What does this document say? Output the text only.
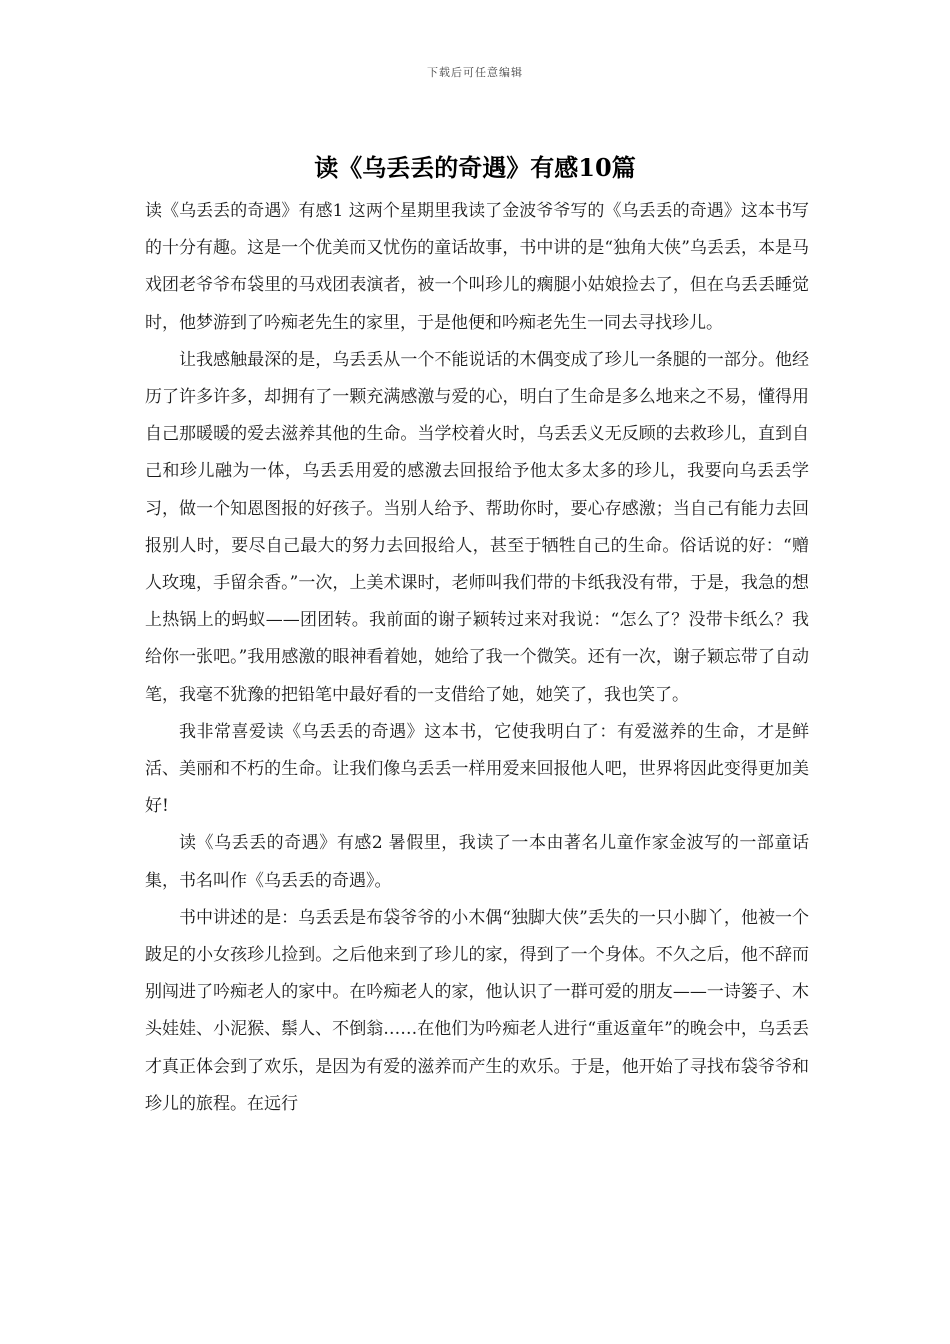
下载后可任意编辑
读《乌丢丢的奇遇》有感10篇

读《乌丢丢的奇遇》有感1 这两个星期里我读了金波爷爷写的《乌丢丢的奇遇》这本书写的十分有趣。这是一个优美而又忧伤的童话故事，书中讲的是“独角大侠”乌丢丢，本是马戏团老爷爷布袋里的马戏团表演者，被一个叫珍儿的瘸腿小姑娘捡去了，但在乌丢丢睡觉时，他梦游到了吟痴老先生的家里，于是他便和吟痴老先生一同去寻找珍儿。

让我感触最深的是，乌丢丢从一个不能说话的木偶变成了珍儿一条腿的一部分。他经历了许多许多，却拥有了一颗充满感激与爱的心，明白了生命是多么地来之不易，懂得用自己那暖暖的爱去滋养其他的生命。当学校着火时，乌丢丢义无反顾的去救珍儿，直到自己和珍儿融为一体，乌丢丢用爱的感激去回报给予他太多太多的珍儿，我要向乌丢丢学习，做一个知恩图报的好孩子。当别人给予、帮助你时，要心存感激；当自己有能力去回报别人时，要尽自己最大的努力去回报给人，甚至于牺牲自己的生命。俗话说的好：“赠人玫瑰，手留余香。”一次，上美术课时，老师叫我们带的卡纸我没有带，于是，我急的想上热锅上的蚂蚁——团团转。我前面的谢子颖转过来对我说：“怎么了？没带卡纸么？我给你一张吧。”我用感激的眼神看着她，她给了我一个微笑。还有一次，谢子颖忘带了自动笔，我毫不犹豫的把铅笔中最好看的一支借给了她，她笑了，我也笑了。

我非常喜爱读《乌丢丢的奇遇》这本书，它使我明白了：有爱滋养的生命，才是鲜活、美丽和不朽的生命。让我们像乌丢丢一样用爱来回报他人吧，世界将因此变得更加美好!

读《乌丢丢的奇遇》有感2 暑假里，我读了一本由著名儿童作家金波写的一部童话集，书名叫作《乌丢丢的奇遇》。

书中讲述的是：乌丢丢是布袋爷爷的小木偶“独脚大侠”丢失的一只小脚丫，他被一个跛足的小女孩珍儿捡到。之后他来到了珍儿的家，得到了一个身体。不久之后，他不辞而别闯进了吟痴老人的家中。在吟痴老人的家，他认识了一群可爱的朋友——一诗篓子、木头娃娃、小泥猴、鬃人、不倒翁……在他们为吟痴老人进行“重返童年”的晚会中，乌丢丢才真正体会到了欢乐，是因为有爱的滋养而产生的欢乐。于是，他开始了寻找布袋爷爷和珍儿的旅程。在远行
